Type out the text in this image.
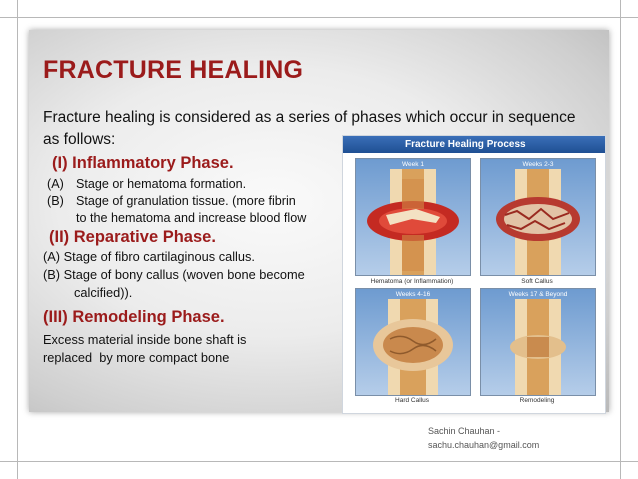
FRACTURE HEALING
Fracture healing is considered as a series of phases which occur in sequence as follows:
(I) Inflammatory Phase.
(A) Stage or hematoma formation.
(B) Stage of granulation tissue. (more fibrin
to the hematoma and increase blood flow
(II) Reparative Phase.
(A) Stage of fibro cartilaginous callus.
(B) Stage of bony callus (woven bone become
calcified)).
(III) Remodeling Phase.
Excess material inside bone shaft is
replaced  by more compact bone
Fracture Healing Process
Week 1
Hematoma (or Inflammation)
Weeks 2-3
Soft Callus
Weeks 4-16
Hard Callus
Weeks 17 & Beyond
Remodeling
Sachin Chauhan -
sachu.chauhan@gmail.com
